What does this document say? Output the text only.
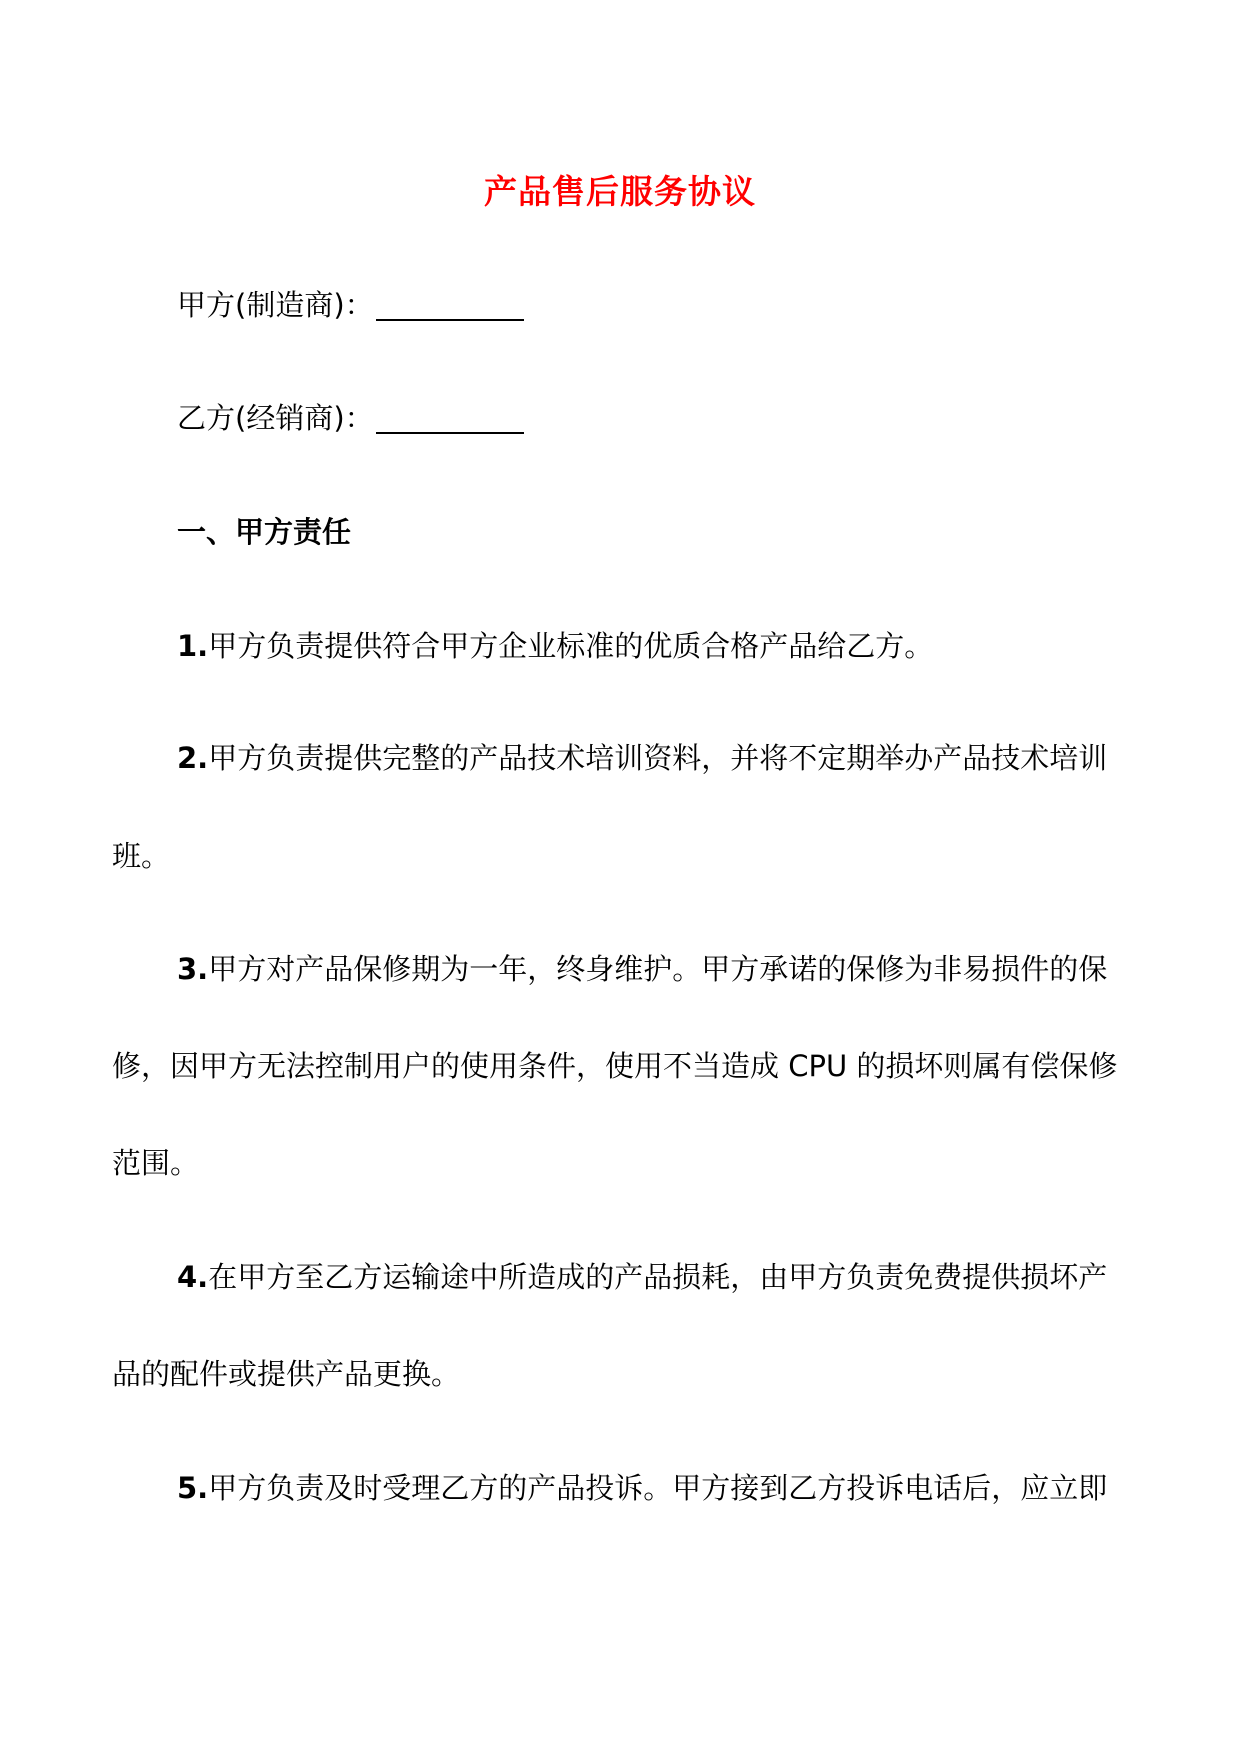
产品售后服务协议
甲方(制造商)：
乙方(经销商)：
一、甲方责任
1.甲方负责提供符合甲方企业标准的优质合格产品给乙方。
2.甲方负责提供完整的产品技术培训资料，并将不定期举办产品技术培训
班。
3.甲方对产品保修期为一年，终身维护。甲方承诺的保修为非易损件的保
修，因甲方无法控制用户的使用条件，使用不当造成 CPU 的损坏则属有偿保修
范围。
4.在甲方至乙方运输途中所造成的产品损耗，由甲方负责免费提供损坏产
品的配件或提供产品更换。
5.甲方负责及时受理乙方的产品投诉。甲方接到乙方投诉电话后，应立即
